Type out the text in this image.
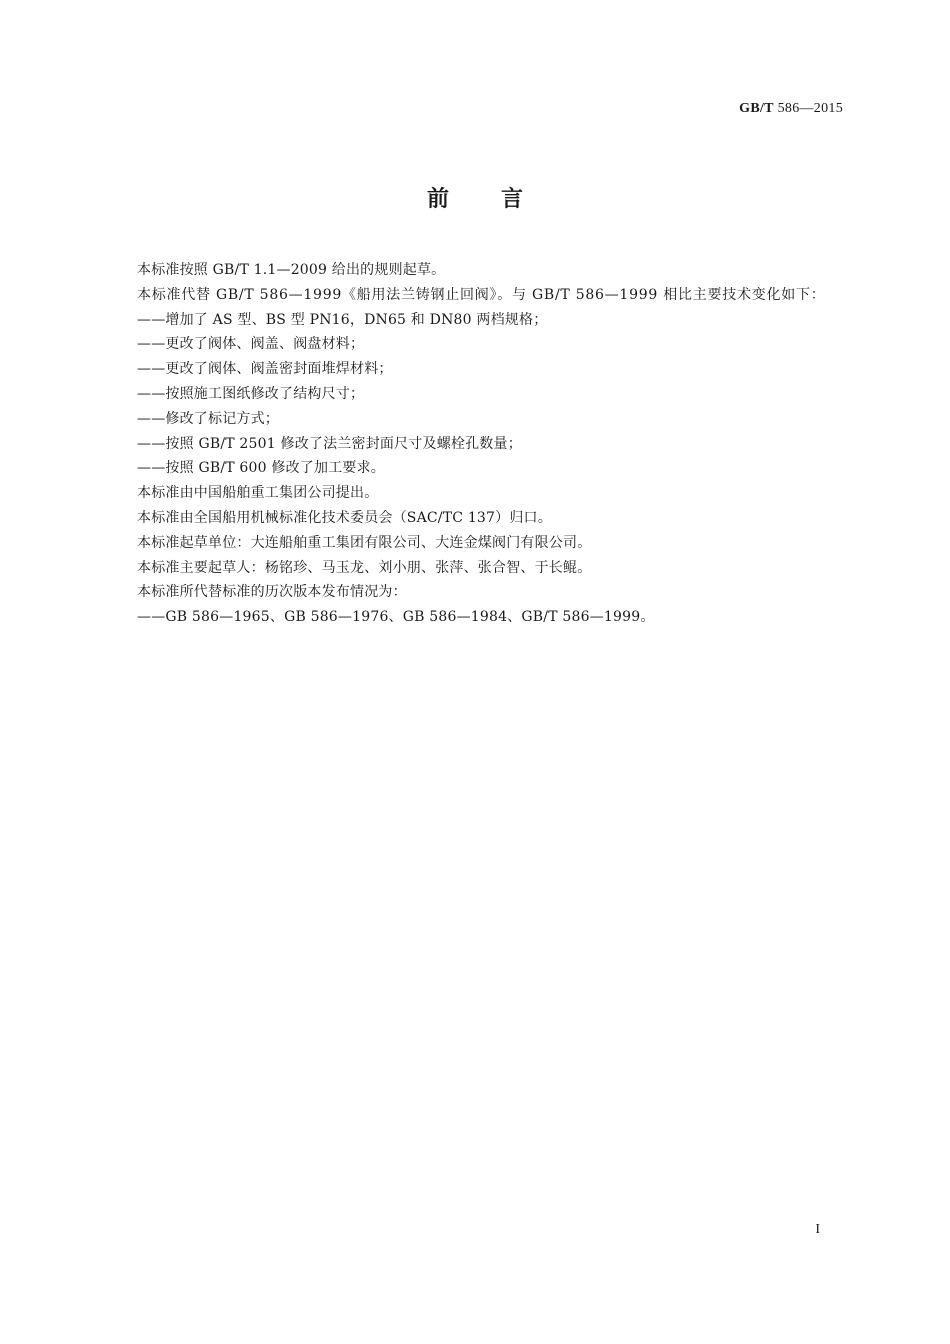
GB/T 586—2015
前言

本标准按照 GB/T 1.1—2009 给出的规则起草。

本标准代替 GB/T 586—1999《船用法兰铸钢止回阀》。与 GB/T 586—1999 相比主要技术变化如下：

——增加了 AS 型、BS 型 PN16，DN65 和 DN80 两档规格；

——更改了阀体、阀盖、阀盘材料；

——更改了阀体、阀盖密封面堆焊材料；

——按照施工图纸修改了结构尺寸；

——修改了标记方式；

——按照 GB/T 2501 修改了法兰密封面尺寸及螺栓孔数量；

——按照 GB/T 600 修改了加工要求。

本标准由中国船舶重工集团公司提出。

本标准由全国船用机械标准化技术委员会（SAC/TC 137）归口。

本标准起草单位：大连船舶重工集团有限公司、大连金煤阀门有限公司。

本标准主要起草人：杨铭珍、马玉龙、刘小朋、张萍、张合智、于长鲲。

本标准所代替标准的历次版本发布情况为：

——GB 586—1965、GB 586—1976、GB 586—1984、GB/T 586—1999。

I
